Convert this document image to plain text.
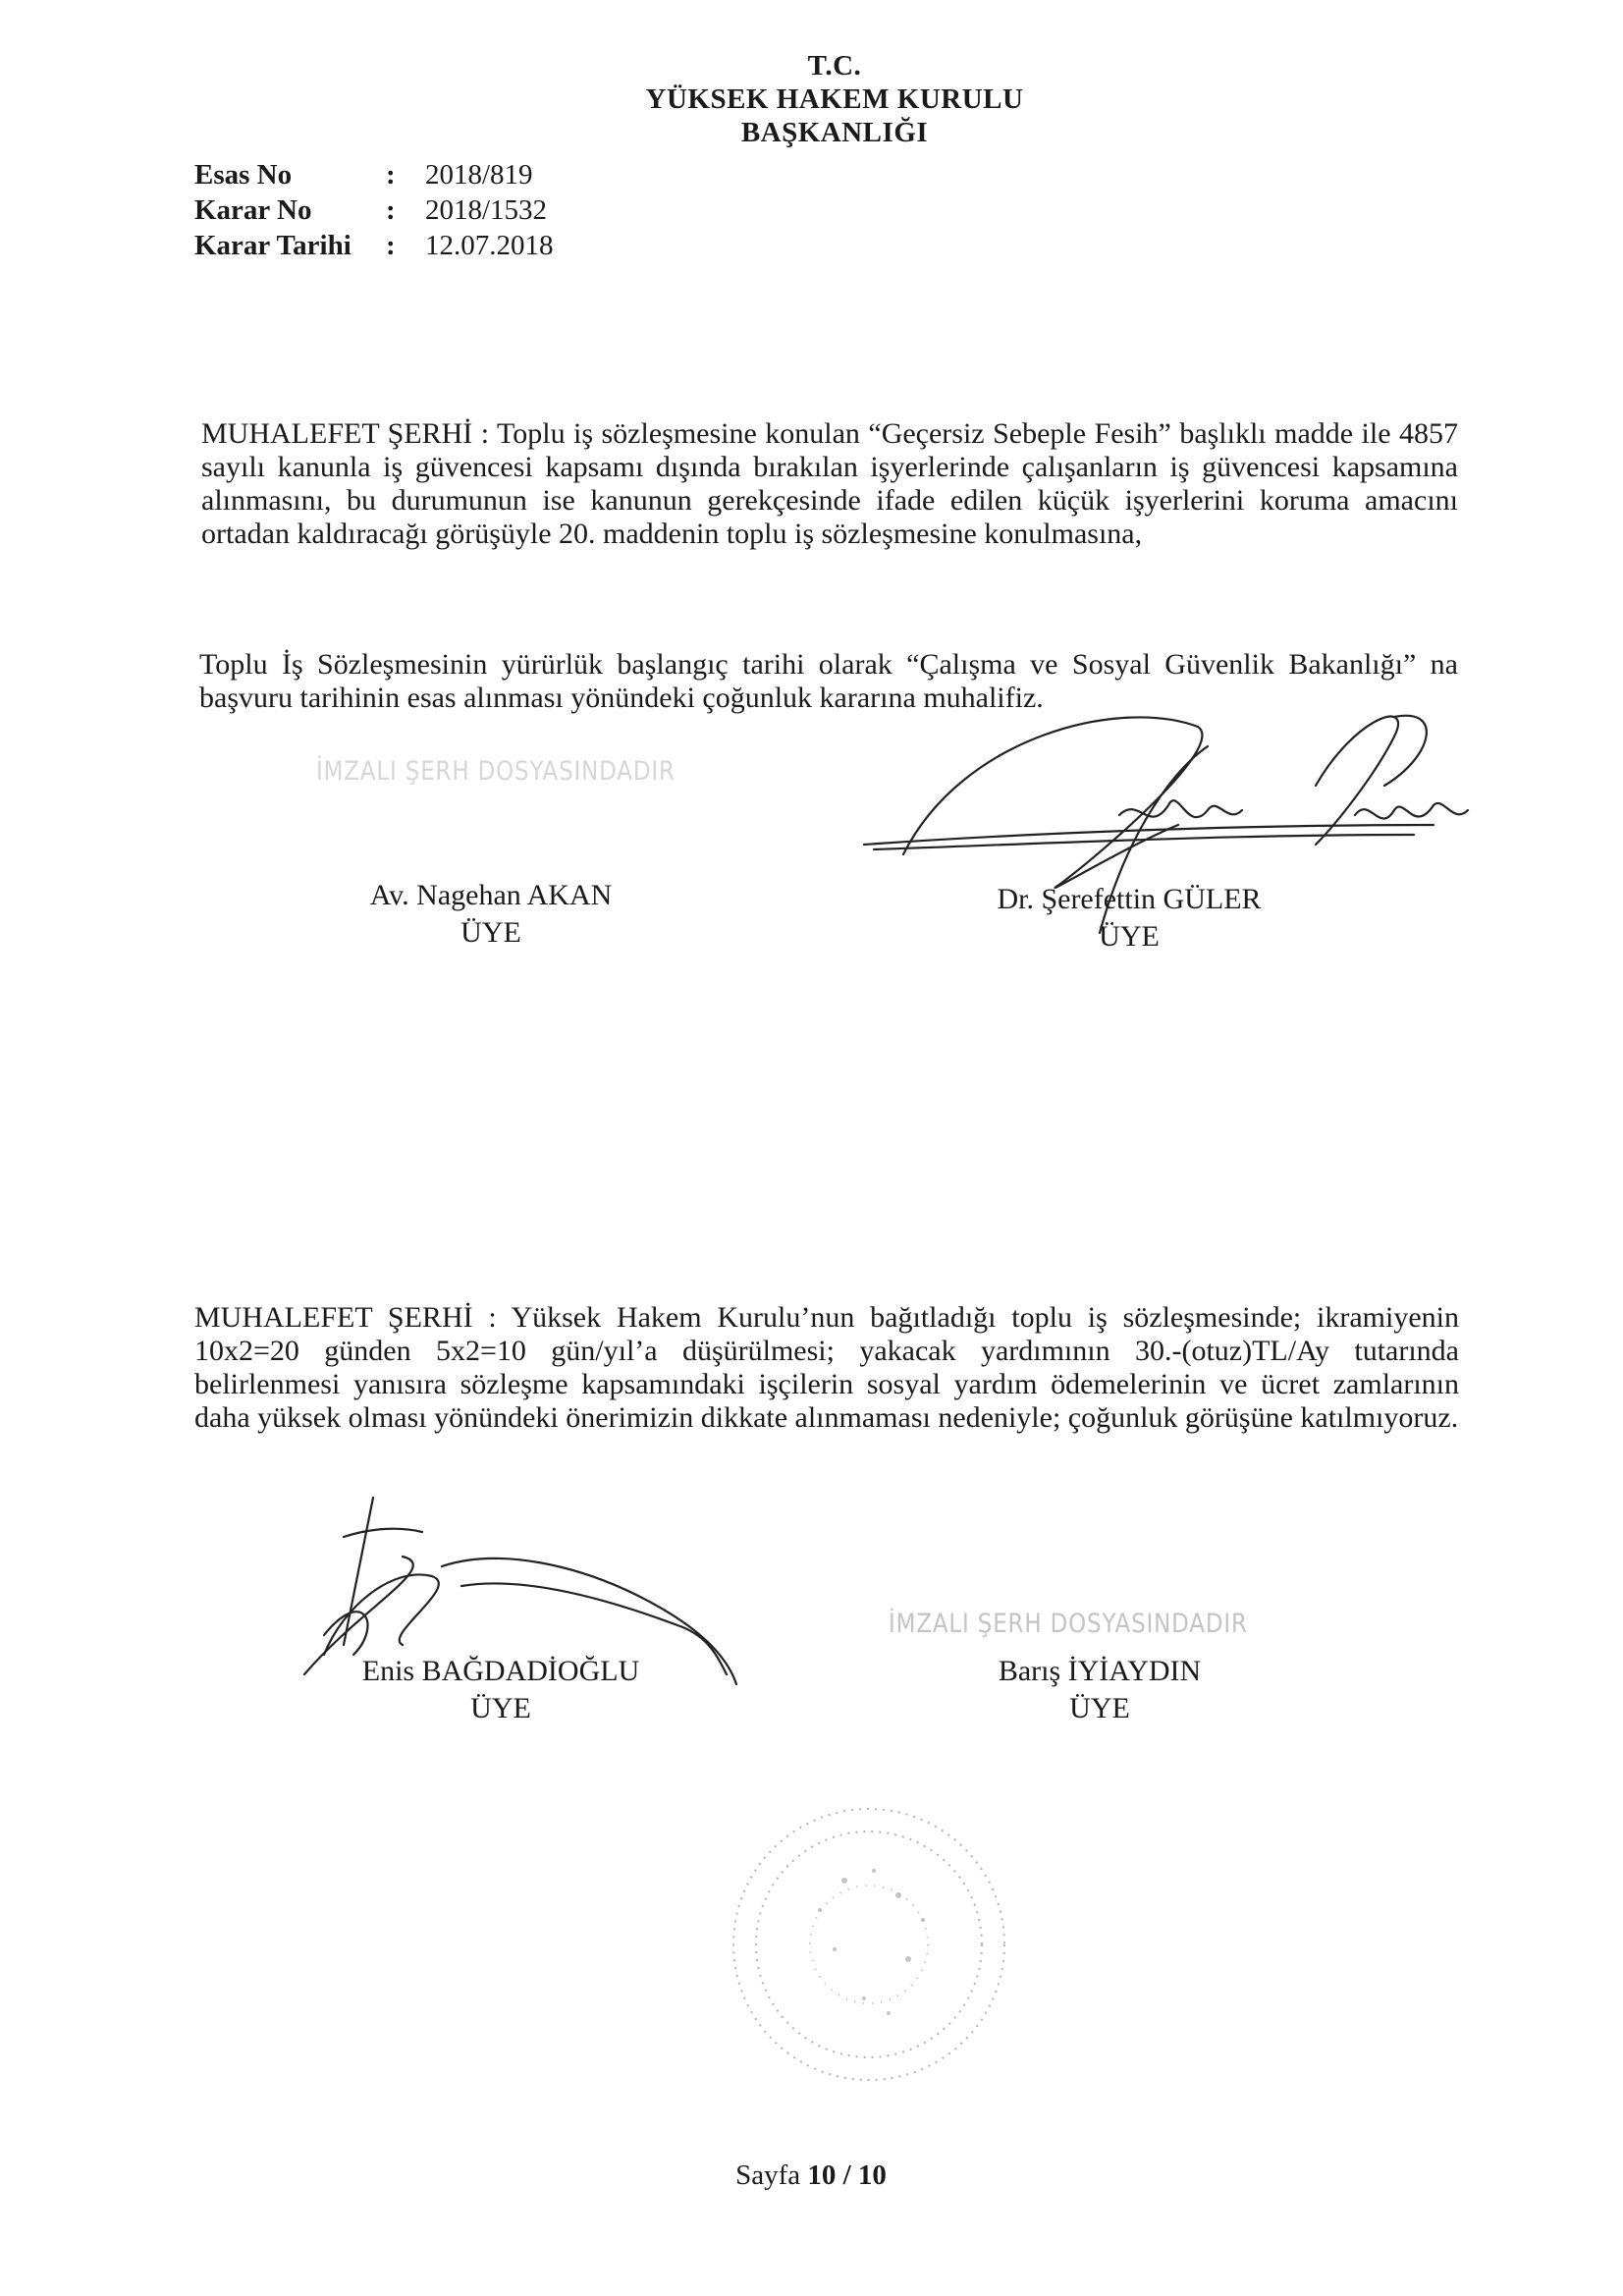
T.C.
YÜKSEK HAKEM KURULU
BAŞKANLIĞI
Esas No	:	2018/819
Karar No	:	2018/1532
Karar Tarihi	:	12.07.2018
MUHALEFET ŞERHİ : Toplu iş sözleşmesine konulan “Geçersiz Sebeple Fesih” başlıklı madde ile 4857 sayılı kanunla iş güvencesi kapsamı dışında bırakılan işyerlerinde çalışanların iş güvencesi kapsamına alınmasını, bu durumunun ise kanunun gerekçesinde ifade edilen küçük işyerlerini koruma amacını ortadan kaldıracağı görüşüyle 20. maddenin toplu iş sözleşmesine konulmasına,
Toplu İş Sözleşmesinin yürürlük başlangıç tarihi olarak “Çalışma ve Sosyal Güvenlik Bakanlığı” na başvuru tarihinin esas alınması yönündeki çoğunluk kararına muhalifiz.
İMZALI ŞERH DOSYASINDADIR
Av. Nagehan AKAN
ÜYE
Dr. Şerefettin GÜLER
ÜYE
MUHALEFET ŞERHİ : Yüksek Hakem Kurulu’nun bağıtladığı toplu iş sözleşmesinde; ikramiyenin 10x2=20 günden 5x2=10 gün/yıl’a düşürülmesi; yakacak yardımının 30.-(otuz)TL/Ay tutarında belirlenmesi yanısıra sözleşme kapsamındaki işçilerin sosyal yardım ödemelerinin ve ücret zamlarının daha yüksek olması yönündeki önerimizin dikkate alınmaması nedeniyle; çoğunluk görüşüne katılmıyoruz.
İMZALI ŞERH DOSYASINDADIR
Enis BAĞDADİOĞLU
ÜYE
Barış İYİAYDIN
ÜYE
Sayfa 10 / 10
